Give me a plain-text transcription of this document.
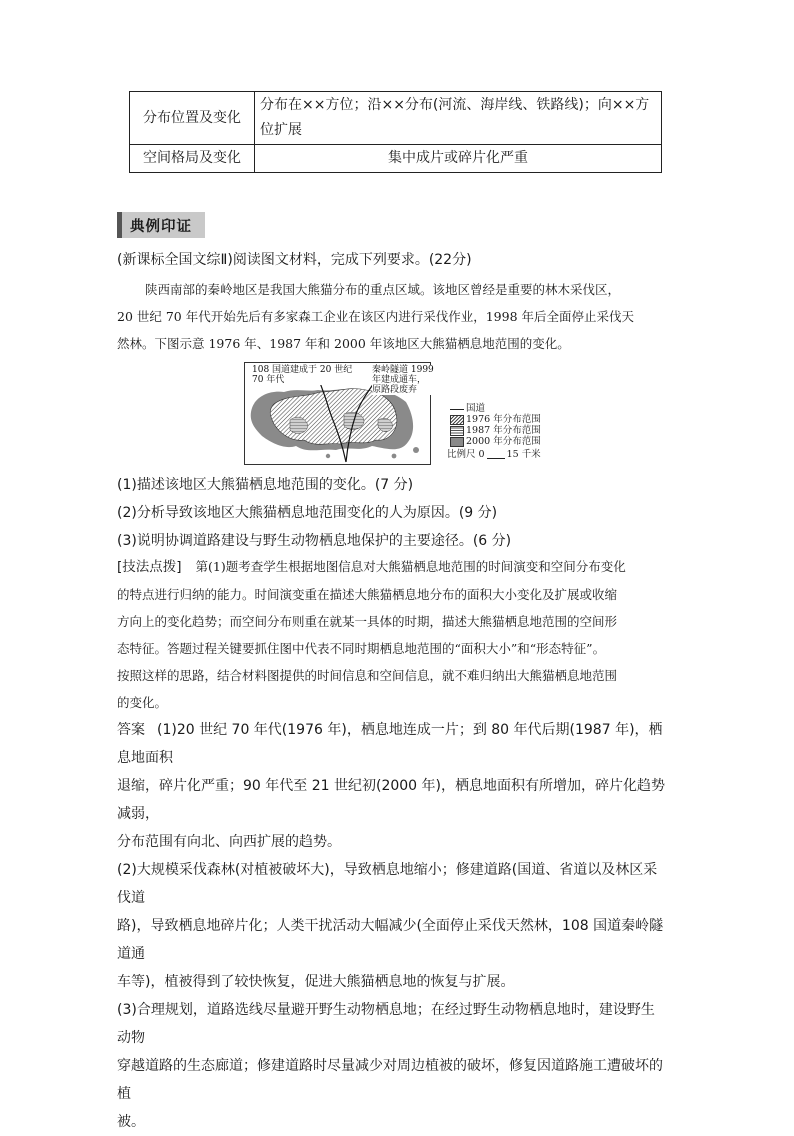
分布位置及变化	分布在××方位；沿××分布(河流、海岸线、铁路线)；向××方
位扩展

空间格局及变化	集中成片或碎片化严重
典例印证

(新课标全国文综Ⅱ)阅读图文材料，完成下列要求。(22分)

陕西南部的秦岭地区是我国大熊猫分布的重点区域。该地区曾经是重要的林木采伐区，
20 世纪 70 年代开始先后有多家森工企业在该区内进行采伐作业，1998 年后全面停止采伐天
然林。下图示意 1976 年、1987 年和 2000 年该地区大熊猫栖息地范围的变化。
108 国道建成于 20 世纪
70 年代
秦岭隧道 1999
年建成通车，
原路段废弃
国道
1976 年分布范围
1987 年分布范围
2000 年分布范围
比例尺 0 15 千米
(1)描述该地区大熊猫栖息地范围的变化。(7 分)
(2)分析导致该地区大熊猫栖息地范围变化的人为原因。(9 分)
(3)说明协调道路建设与野生动物栖息地保护的主要途径。(6 分)
[技法点拨] 第(1)题考查学生根据地图信息对大熊猫栖息地范围的时间演变和空间分布变化
的特点进行归纳的能力。时间演变重在描述大熊猫栖息地分布的面积大小变化及扩展或收缩
方向上的变化趋势；而空间分布则重在就某一具体的时期，描述大熊猫栖息地范围的空间形
态特征。答题过程关键要抓住图中代表不同时期栖息地范围的“面积大小”和“形态特征”。
按照这样的思路，结合材料图提供的时间信息和空间信息，就不难归纳出大熊猫栖息地范围
的变化。
答案 (1)20 世纪 70 年代(1976 年)，栖息地连成一片；到 80 年代后期(1987 年)，栖息地面积
退缩，碎片化严重；90 年代至 21 世纪初(2000 年)，栖息地面积有所增加，碎片化趋势减弱，
分布范围有向北、向西扩展的趋势。
(2)大规模采伐森林(对植被破坏大)，导致栖息地缩小；修建道路(国道、省道以及林区采伐道
路)，导致栖息地碎片化；人类干扰活动大幅减少(全面停止采伐天然林，108 国道秦岭隧道通
车等)，植被得到了较快恢复，促进大熊猫栖息地的恢复与扩展。
(3)合理规划，道路选线尽量避开野生动物栖息地；在经过野生动物栖息地时，建设野生动物
穿越道路的生态廊道；修建道路时尽量减少对周边植被的破坏，修复因道路施工遭破坏的植
被。
